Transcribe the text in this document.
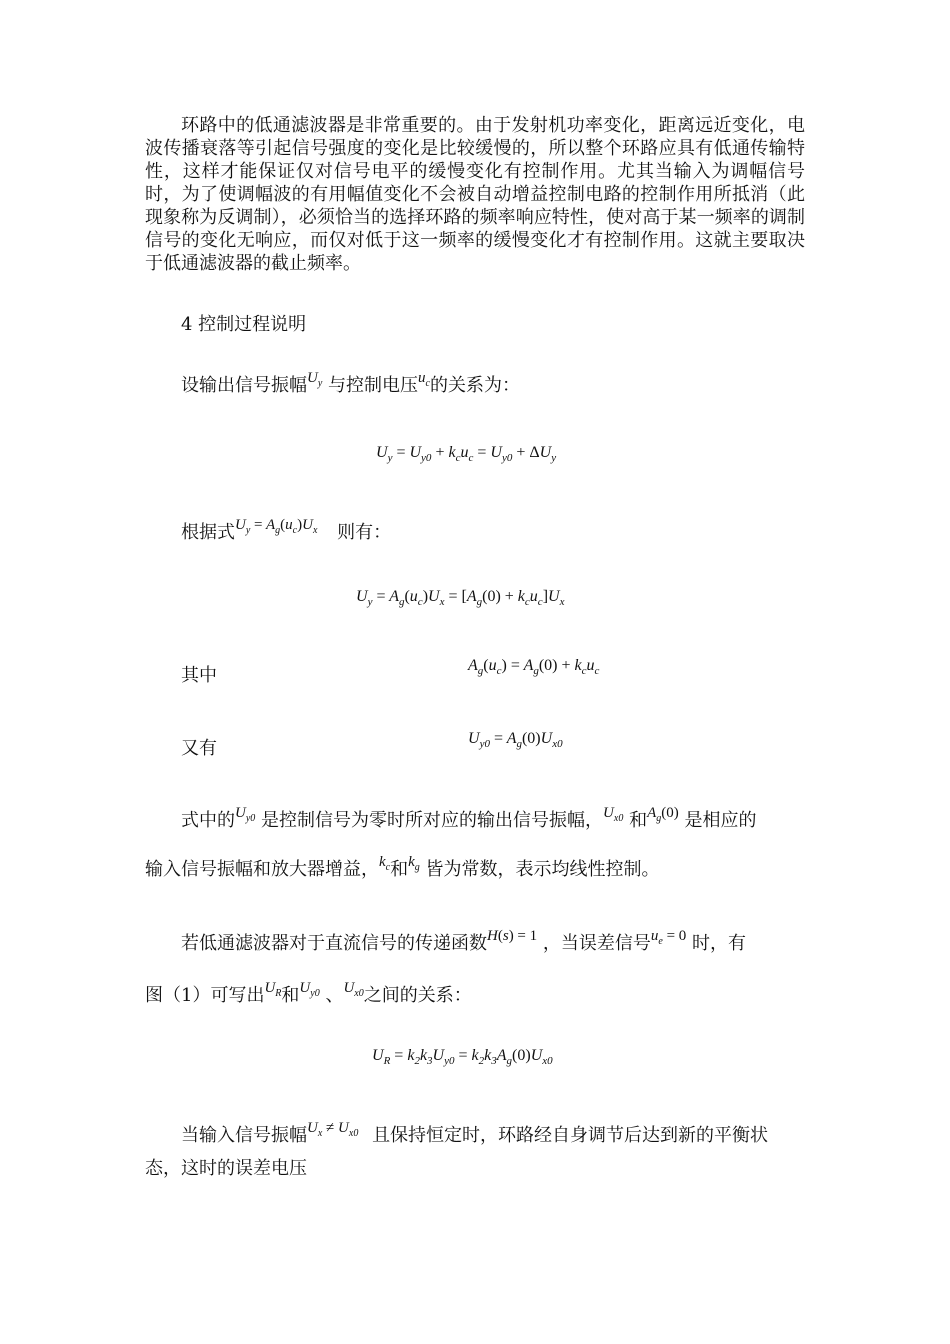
环路中的低通滤波器是非常重要的。由于发射机功率变化，距离远近变化，电波传播衰落等引起信号强度的变化是比较缓慢的，所以整个环路应具有低通传输特性，这样才能保证仅对信号电平的缓慢变化有控制作用。尤其当输入为调幅信号时，为了使调幅波的有用幅值变化不会被自动增益控制电路的控制作用所抵消（此现象称为反调制），必须恰当的选择环路的频率响应特性，使对高于某一频率的调制信号的变化无响应，而仅对低于这一频率的缓慢变化才有控制作用。这就主要取决于低通滤波器的截止频率。
4 控制过程说明
设输出信号振幅$^{U_y}$ 与控制电压$^{u_c}$的关系为：
$U_y = U_{y0} + k_cu_c = U_{y0} + \Delta U_y$
根据式$^{U_y = A_g(u_c)U_x}$ 则有：
$U_y = A_g(u_c)U_x = [A_g(0) + k_cu_c]U_x$
其中	$A_g(u_c) = A_g(0) + k_cu_c$
又有	$U_{y0} = A_g(0)U_{x0}$
式中的$^{U_{y0}}$ 是控制信号为零时所对应的输出信号振幅，$^{U_{x0}}$ 和$^{A_g(0)}$ 是相应的
输入信号振幅和放大器增益，$^{k_c}$和$^{k_g}$ 皆为常数，表示均线性控制。
若低通滤波器对于直流信号的传递函数$^{H(s) = 1}$ ，当误差信号$^{u_e = 0}$ 时，有
图（1）可写出$^{U_R}$和$^{U_{y0}}$ 、$^{U_{x0}}$之间的关系：
$U_R = k_2k_3U_{y0} = k_2k_3A_g(0)U_{x0}$
当输入信号振幅$^{U_x \ne U_{x0}}$ 且保持恒定时，环路经自身调节后达到新的平衡状
态，这时的误差电压
